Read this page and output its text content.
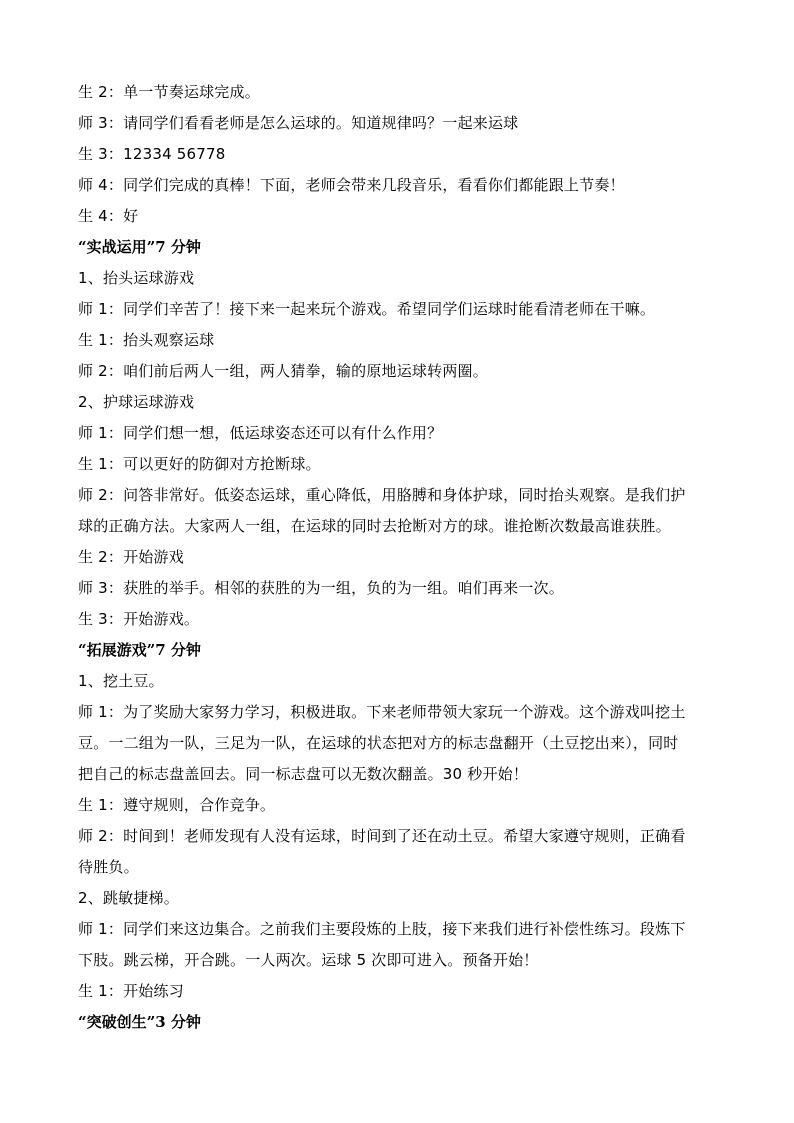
生 2：单一节奏运球完成。
师 3：请同学们看看老师是怎么运球的。知道规律吗？一起来运球
生 3：12334 56778
师 4：同学们完成的真棒！下面，老师会带来几段音乐，看看你们都能跟上节奏！
生 4：好
“实战运用”7 分钟
1、抬头运球游戏
师 1：同学们辛苦了！接下来一起来玩个游戏。希望同学们运球时能看清老师在干嘛。
生 1：抬头观察运球
师 2：咱们前后两人一组，两人猜拳，输的原地运球转两圈。
2、护球运球游戏
师 1：同学们想一想，低运球姿态还可以有什么作用？
生 1：可以更好的防御对方抢断球。
师 2：问答非常好。低姿态运球，重心降低，用胳膊和身体护球，同时抬头观察。是我们护
球的正确方法。大家两人一组，在运球的同时去抢断对方的球。谁抢断次数最高谁获胜。
生 2：开始游戏
师 3：获胜的举手。相邻的获胜的为一组，负的为一组。咱们再来一次。
生 3：开始游戏。
“拓展游戏”7 分钟
1、挖土豆。
师 1：为了奖励大家努力学习，积极进取。下来老师带领大家玩一个游戏。这个游戏叫挖土
豆。一二组为一队，三足为一队，在运球的状态把对方的标志盘翻开（土豆挖出来），同时
把自己的标志盘盖回去。同一标志盘可以无数次翻盖。30 秒开始！
生 1：遵守规则，合作竞争。
师 2：时间到！老师发现有人没有运球，时间到了还在动土豆。希望大家遵守规则，正确看
待胜负。
2、跳敏捷梯。
师 1：同学们来这边集合。之前我们主要段炼的上肢，接下来我们进行补偿性练习。段炼下
下肢。跳云梯，开合跳。一人两次。运球 5 次即可进入。预备开始！
生 1：开始练习
“突破创生”3 分钟
